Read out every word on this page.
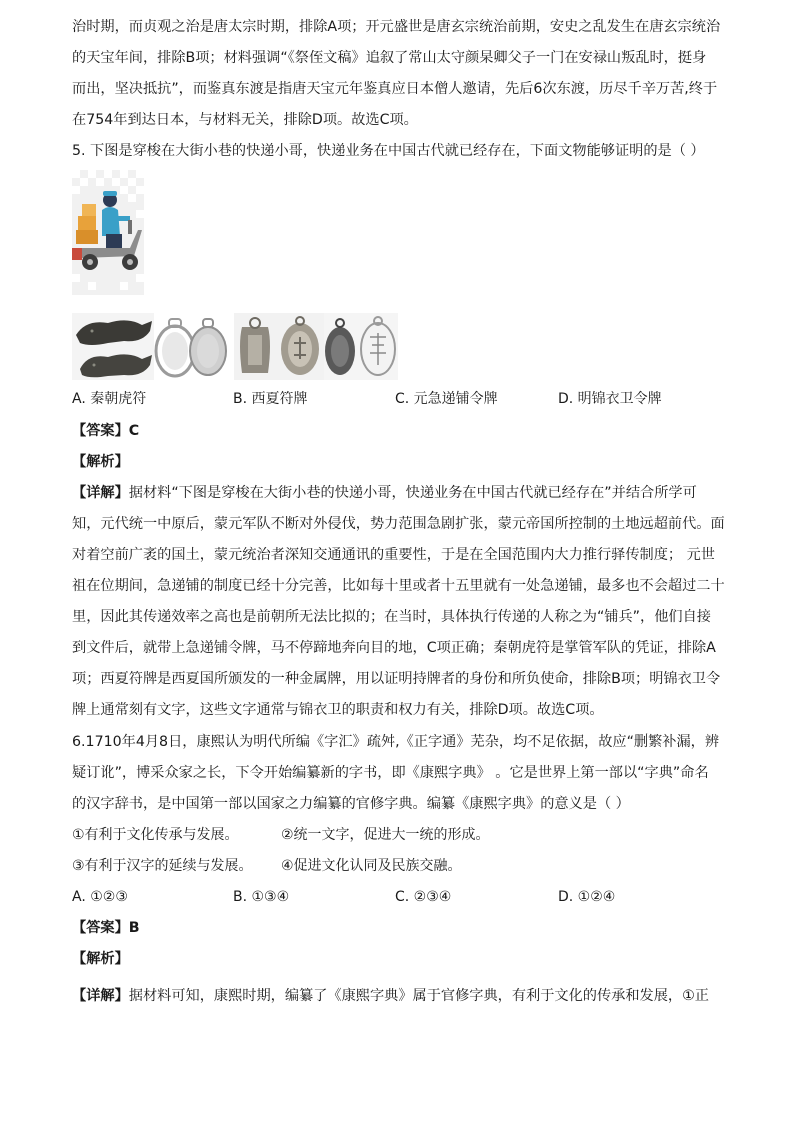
治时期，而贞观之治是唐太宗时期，排除A项；开元盛世是唐玄宗统治前期，安史之乱发生在唐玄宗统治
的天宝年间，排除B项；材料强调“《祭侄文稿》追叙了常山太守颜杲卿父子一门在安禄山叛乱时，挺身
而出，坚决抵抗”，而鉴真东渡是指唐天宝元年鉴真应日本僧人邀请，先后6次东渡，历尽千辛万苦,终于
在754年到达日本，与材料无关，排除D项。故选C项。
5. 下图是穿梭在大街小巷的快递小哥，快递业务在中国古代就已经存在，下面文物能够证明的是（ ）
A. 秦朝虎符	B. 西夏符牌	C. 元急递铺令牌	D. 明锦衣卫令牌
【答案】C
【解析】
【详解】据材料“下图是穿梭在大街小巷的快递小哥，快递业务在中国古代就已经存在”并结合所学可
知，元代统一中原后，蒙元军队不断对外侵伐，势力范围急剧扩张，蒙元帝国所控制的土地远超前代。面
对着空前广袤的国土，蒙元统治者深知交通通讯的重要性，于是在全国范围内大力推行驿传制度； 元世
祖在位期间，急递铺的制度已经十分完善，比如每十里或者十五里就有一处急递铺，最多也不会超过二十
里，因此其传递效率之高也是前朝所无法比拟的；在当时，具体执行传递的人称之为“铺兵”，他们自接
到文件后，就带上急递铺令牌，马不停蹄地奔向目的地，C项正确；秦朝虎符是掌管军队的凭证，排除A
项；西夏符牌是西夏国所颁发的一种金属牌，用以证明持牌者的身份和所负使命，排除B项；明锦衣卫令
牌上通常刻有文字，这些文字通常与锦衣卫的职责和权力有关，排除D项。故选C项。
6.1710年4月8日，康熙认为明代所编《字汇》疏舛,《正字通》芜杂，均不足依据，故应“删繁补漏，辨
疑订讹”，博采众家之长，下令开始编纂新的字书，即《康熙字典》 。它是世界上第一部以“字典”命名
的汉字辞书，是中国第一部以国家之力编纂的官修字典。编纂《康熙字典》的意义是（ ）
①有利于文化传承与发展。	②统一文字，促进大一统的形成。
③有利于汉字的延续与发展。 ④促进文化认同及民族交融。
A. ①②③	B. ①③④	C. ②③④	D. ①②④
【答案】B
【解析】
【详解】据材料可知，康熙时期，编纂了《康熙字典》属于官修字典，有利于文化的传承和发展，①正
